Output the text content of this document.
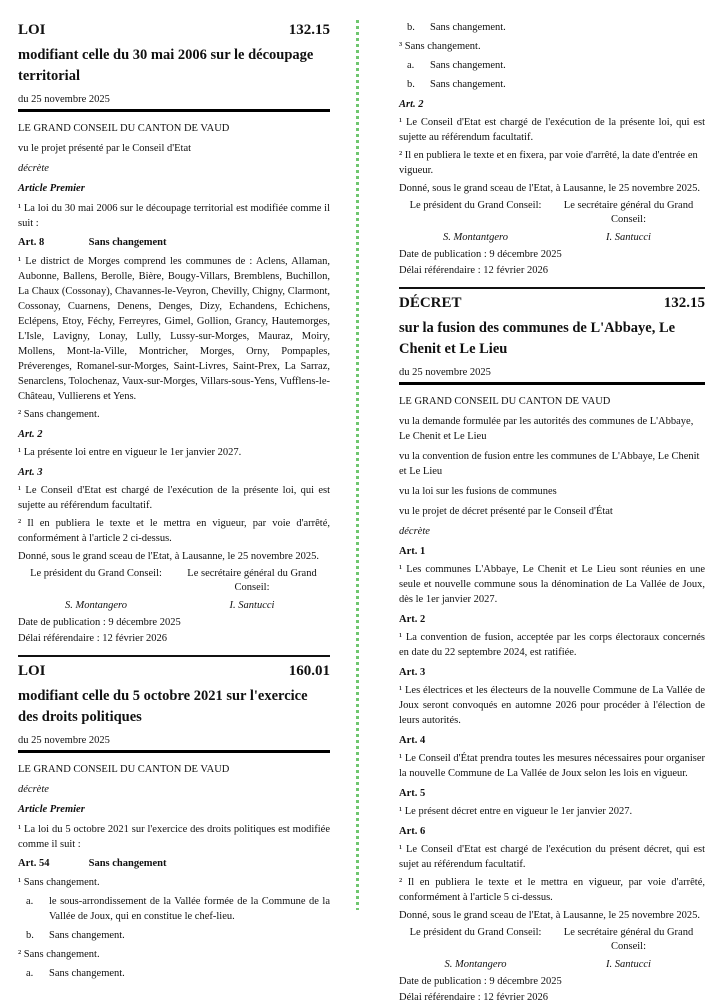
LOI	132.15
modifiant celle du 30 mai 2006 sur le découpage territorial
du 25 novembre 2025

LE GRAND CONSEIL DU CANTON DE VAUD

vu le projet présenté par le Conseil d'Etat

décrète

Article Premier

¹ La loi du 30 mai 2006 sur le découpage territorial est modifiée comme il suit :

Art. 8	Sans changement

¹ Le district de Morges comprend les communes de : Aclens, Allaman, Aubonne, Ballens, Berolle, Bière, Bougy-Villars, Bremblens, Buchillon, La Chaux (Cossonay), Chavannes-le-Veyron, Chevilly, Chigny, Clarmont, Cossonay, Cuarnens, Denens, Denges, Dizy, Echandens, Echichens, Eclépens, Etoy, Féchy, Ferreyres, Gimel, Gollion, Grancy, Hautemorges, L'Isle, Lavigny, Lonay, Lully, Lussy-sur-Morges, Mauraz, Moiry, Mollens, Mont-la-Ville, Montricher, Morges, Orny, Pompaples, Préverenges, Romanel-sur-Morges, Saint-Livres, Saint-Prex, La Sarraz, Senarclens, Tolochenaz, Vaux-sur-Morges, Villars-sous-Yens, Vufflens-le-Château, Vullierens et Yens.

² Sans changement.

Art. 2

¹ La présente loi entre en vigueur le 1er janvier 2027.

Art. 3

¹ Le Conseil d'Etat est chargé de l'exécution de la présente loi, qui est sujette au référendum facultatif.

² Il en publiera le texte et le mettra en vigueur, par voie d'arrêté, conformément à l'article 2 ci-dessus.

Donné, sous le grand sceau de l'Etat, à Lausanne, le 25 novembre 2025.

Le président du Grand Conseil:	Le secrétaire général du Grand Conseil:
S. Montangero	I. Santucci

Date de publication : 9 décembre 2025

Délai référendaire : 12 février 2026

LOI	160.01
modifiant celle du 5 octobre 2021 sur l'exercice des droits politiques
du 25 novembre 2025

LE GRAND CONSEIL DU CANTON DE VAUD

décrète

Article Premier

¹ La loi du 5 octobre 2021 sur l'exercice des droits politiques est modifiée comme il suit :

Art. 54	Sans changement

¹ Sans changement.

a.	le sous-arrondissement de la Vallée formée de la Commune de la Vallée de Joux, qui en constitue le chef-lieu.
b.	Sans changement.

² Sans changement.

a.	Sans changement.
b.	Sans changement.

³ Sans changement.

a.	Sans changement.
b.	Sans changement.
Art. 2

¹ Le Conseil d'Etat est chargé de l'exécution de la présente loi, qui est sujette au référendum facultatif.

² Il en publiera le texte et en fixera, par voie d'arrêté, la date d'entrée en vigueur.

Donné, sous le grand sceau de l'Etat, à Lausanne, le 25 novembre 2025.

Le président du Grand Conseil:	Le secrétaire général du Grand Conseil:
S. Montantgero	I. Santucci

Date de publication : 9 décembre 2025

Délai référendaire : 12 février 2026

DÉCRET	132.15
sur la fusion des communes de L'Abbaye, Le Chenit et Le Lieu
du 25 novembre 2025

LE GRAND CONSEIL DU CANTON DE VAUD

vu la demande formulée par les autorités des communes de L'Abbaye, Le Chenit et Le Lieu

vu la convention de fusion entre les communes de L'Abbaye, Le Chenit et Le Lieu

vu la loi sur les fusions de communes

vu le projet de décret présenté par le Conseil d'État

décrète

Art. 1

¹ Les communes L'Abbaye, Le Chenit et Le Lieu sont réunies en une seule et nouvelle commune sous la dénomination de La Vallée de Joux, dès le 1er janvier 2027.

Art. 2

¹ La convention de fusion, acceptée par les corps électoraux concernés en date du 22 septembre 2024, est ratifiée.

Art. 3

¹ Les électrices et les électeurs de la nouvelle Commune de La Vallée de Joux seront convoqués en automne 2026 pour procéder à l'élection de leurs autorités.

Art. 4

¹ Le Conseil d'État prendra toutes les mesures nécessaires pour organiser la nouvelle Commune de La Vallée de Joux selon les lois en vigueur.

Art. 5

¹ Le présent décret entre en vigueur le 1er janvier 2027.

Art. 6

¹ Le Conseil d'Etat est chargé de l'exécution du présent décret, qui est sujet au référendum facultatif.

² Il en publiera le texte et le mettra en vigueur, par voie d'arrêté, conformément à l'article 5 ci-dessus.

Donné, sous le grand sceau de l'Etat, à Lausanne, le 25 novembre 2025.

Le président du Grand Conseil:	Le secrétaire général du Grand Conseil:
S. Montangero	I. Santucci

Date de publication : 9 décembre 2025

Délai référendaire : 12 février 2026
